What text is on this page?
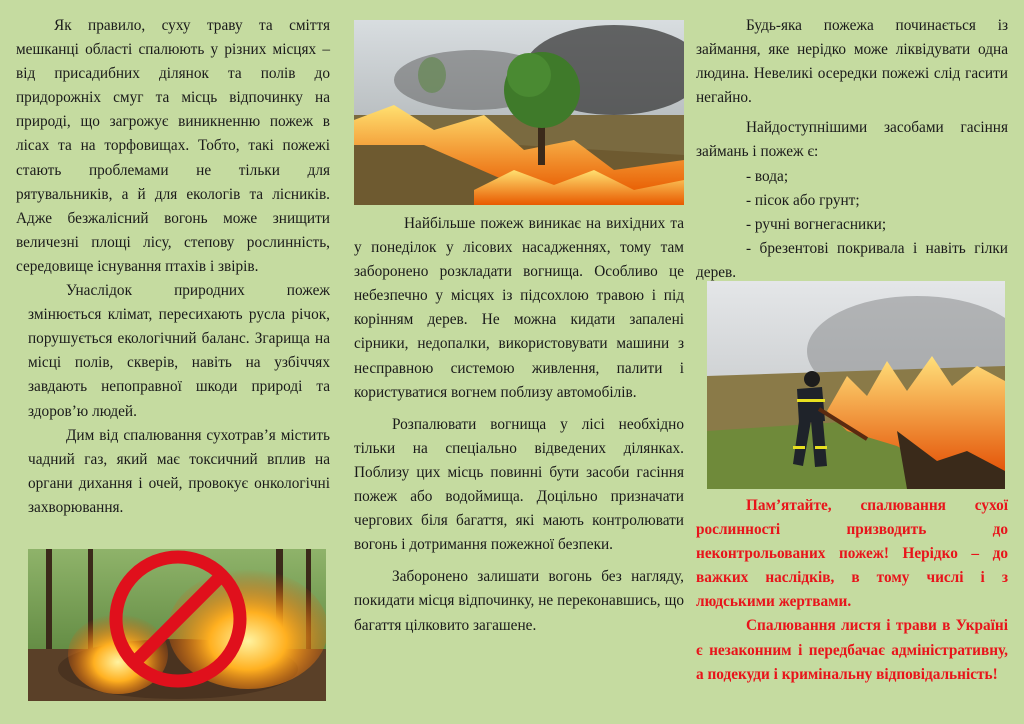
Як правило, суху траву та сміття мешканці області спалюють у різних місцях – від присадибних ділянок та полів до придорожніх смуг та місць відпочинку на природі, що загрожує виникненню пожеж в лісах та на торфовищах. Тобто, такі пожежі стають проблемами не тільки для рятувальників, а й для екологів та лісників. Адже безжалісний вогонь може знищити величезні площі лісу, степову рослинність, середовище існування птахів і звірів.

Унаслідок природних пожеж змінюється клімат, пересихають русла річок, порушується екологічний баланс. Згарища на місці полів, скверів, навіть на узбіччях завдають непоправної шкоди природі та здоров’ю людей.

Дим від спалювання сухотрав’я містить чадний газ, який має токсичний вплив на органи дихання і очей, провокує онкологічні захворювання.

Найбільше пожеж виникає на вихідних та у понеділок у лісових насадженнях, тому там заборонено розкладати вогнища. Особливо це небезпечно у місцях із підсохлою травою і під корінням дерев. Не можна кидати запалені сірники, недопалки, використовувати машини з несправною системою живлення, палити і користуватися вогнем поблизу автомобілів.

Розпалювати вогнища у лісі необхідно тільки на спеціально відведених ділянках. Поблизу цих місць повинні бути засоби гасіння пожеж або водоймища. Доцільно призначати чергових біля багаття, які мають контролювати вогонь і дотримання пожежної безпеки.

Заборонено залишати вогонь без нагляду, покидати місця відпочинку, не переконавшись, що багаття цілковито загашене.

Будь-яка пожежа починається із займання, яке нерідко може ліквідувати одна людина. Невеликі осередки пожежі слід гасити негайно.

Найдоступнішими засобами гасіння займань і пожеж є:

- вода;

- пісок або грунт;

- ручні вогнегасники;

- брезентові покривала і навіть гілки дерев.

Пам’ятайте, спалювання сухої рослинності призводить до неконтрольованих пожеж! Нерідко – до важких наслідків, в тому числі і з людськими жертвами.

Спалювання листя і трави в Україні є незаконним і передбачає адміністративну, а подекуди і кримінальну відповідальність!
